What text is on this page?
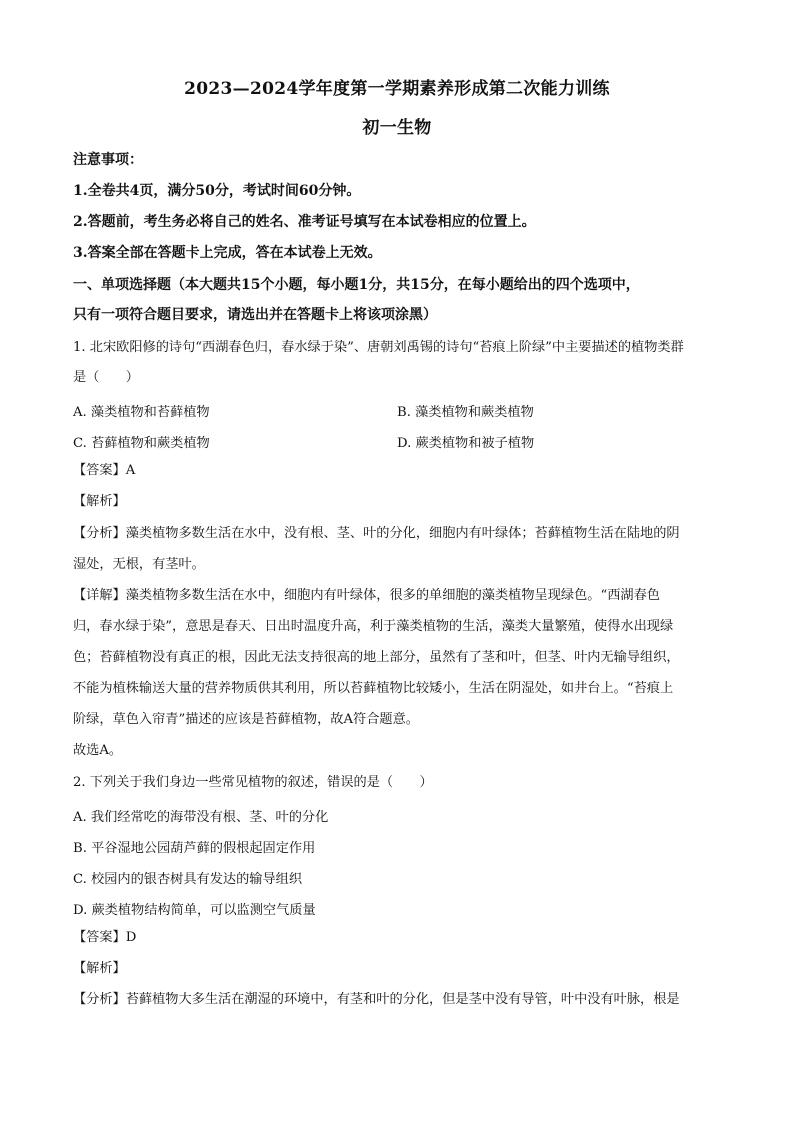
2023—2024学年度第一学期素养形成第二次能力训练
初一生物
注意事项：
1.全卷共4页，满分50分，考试时间60分钟。
2.答题前，考生务必将自己的姓名、准考证号填写在本试卷相应的位置上。
3.答案全部在答题卡上完成，答在本试卷上无效。
一、单项选择题（本大题共15个小题，每小题1分，共15分，在每小题给出的四个选项中，
只有一项符合题目要求，请选出并在答题卡上将该项涂黑）
1. 北宋欧阳修的诗句“西湖春色归，春水绿于染”、唐朝刘禹锡的诗句“苔痕上阶绿”中主要描述的植物类群
是（　　）
A. 藻类植物和苔藓植物	B. 藻类植物和蕨类植物
C. 苔藓植物和蕨类植物	D. 蕨类植物和被子植物
【答案】A
【解析】
【分析】藻类植物多数生活在水中，没有根、茎、叶的分化，细胞内有叶绿体；苔藓植物生活在陆地的阴
湿处，无根，有茎叶。
【详解】藻类植物多数生活在水中，细胞内有叶绿体，很多的单细胞的藻类植物呈现绿色。“西湖春色
归，春水绿于染”，意思是春天、日出时温度升高，利于藻类植物的生活，藻类大量繁殖，使得水出现绿
色；苔藓植物没有真正的根，因此无法支持很高的地上部分，虽然有了茎和叶，但茎、叶内无输导组织，
不能为植株输送大量的营养物质供其利用，所以苔藓植物比较矮小，生活在阴湿处，如井台上。“苔痕上
阶绿，草色入帘青”描述的应该是苔藓植物，故A符合题意。
故选A。
2. 下列关于我们身边一些常见植物的叙述，错误的是（　　）
A. 我们经常吃的海带没有根、茎、叶的分化
B. 平谷湿地公园葫芦藓的假根起固定作用
C. 校园内的银杏树具有发达的输导组织
D. 蕨类植物结构简单，可以监测空气质量
【答案】D
【解析】
【分析】苔藓植物大多生活在潮湿的环境中，有茎和叶的分化，但是茎中没有导管，叶中没有叶脉，根是
